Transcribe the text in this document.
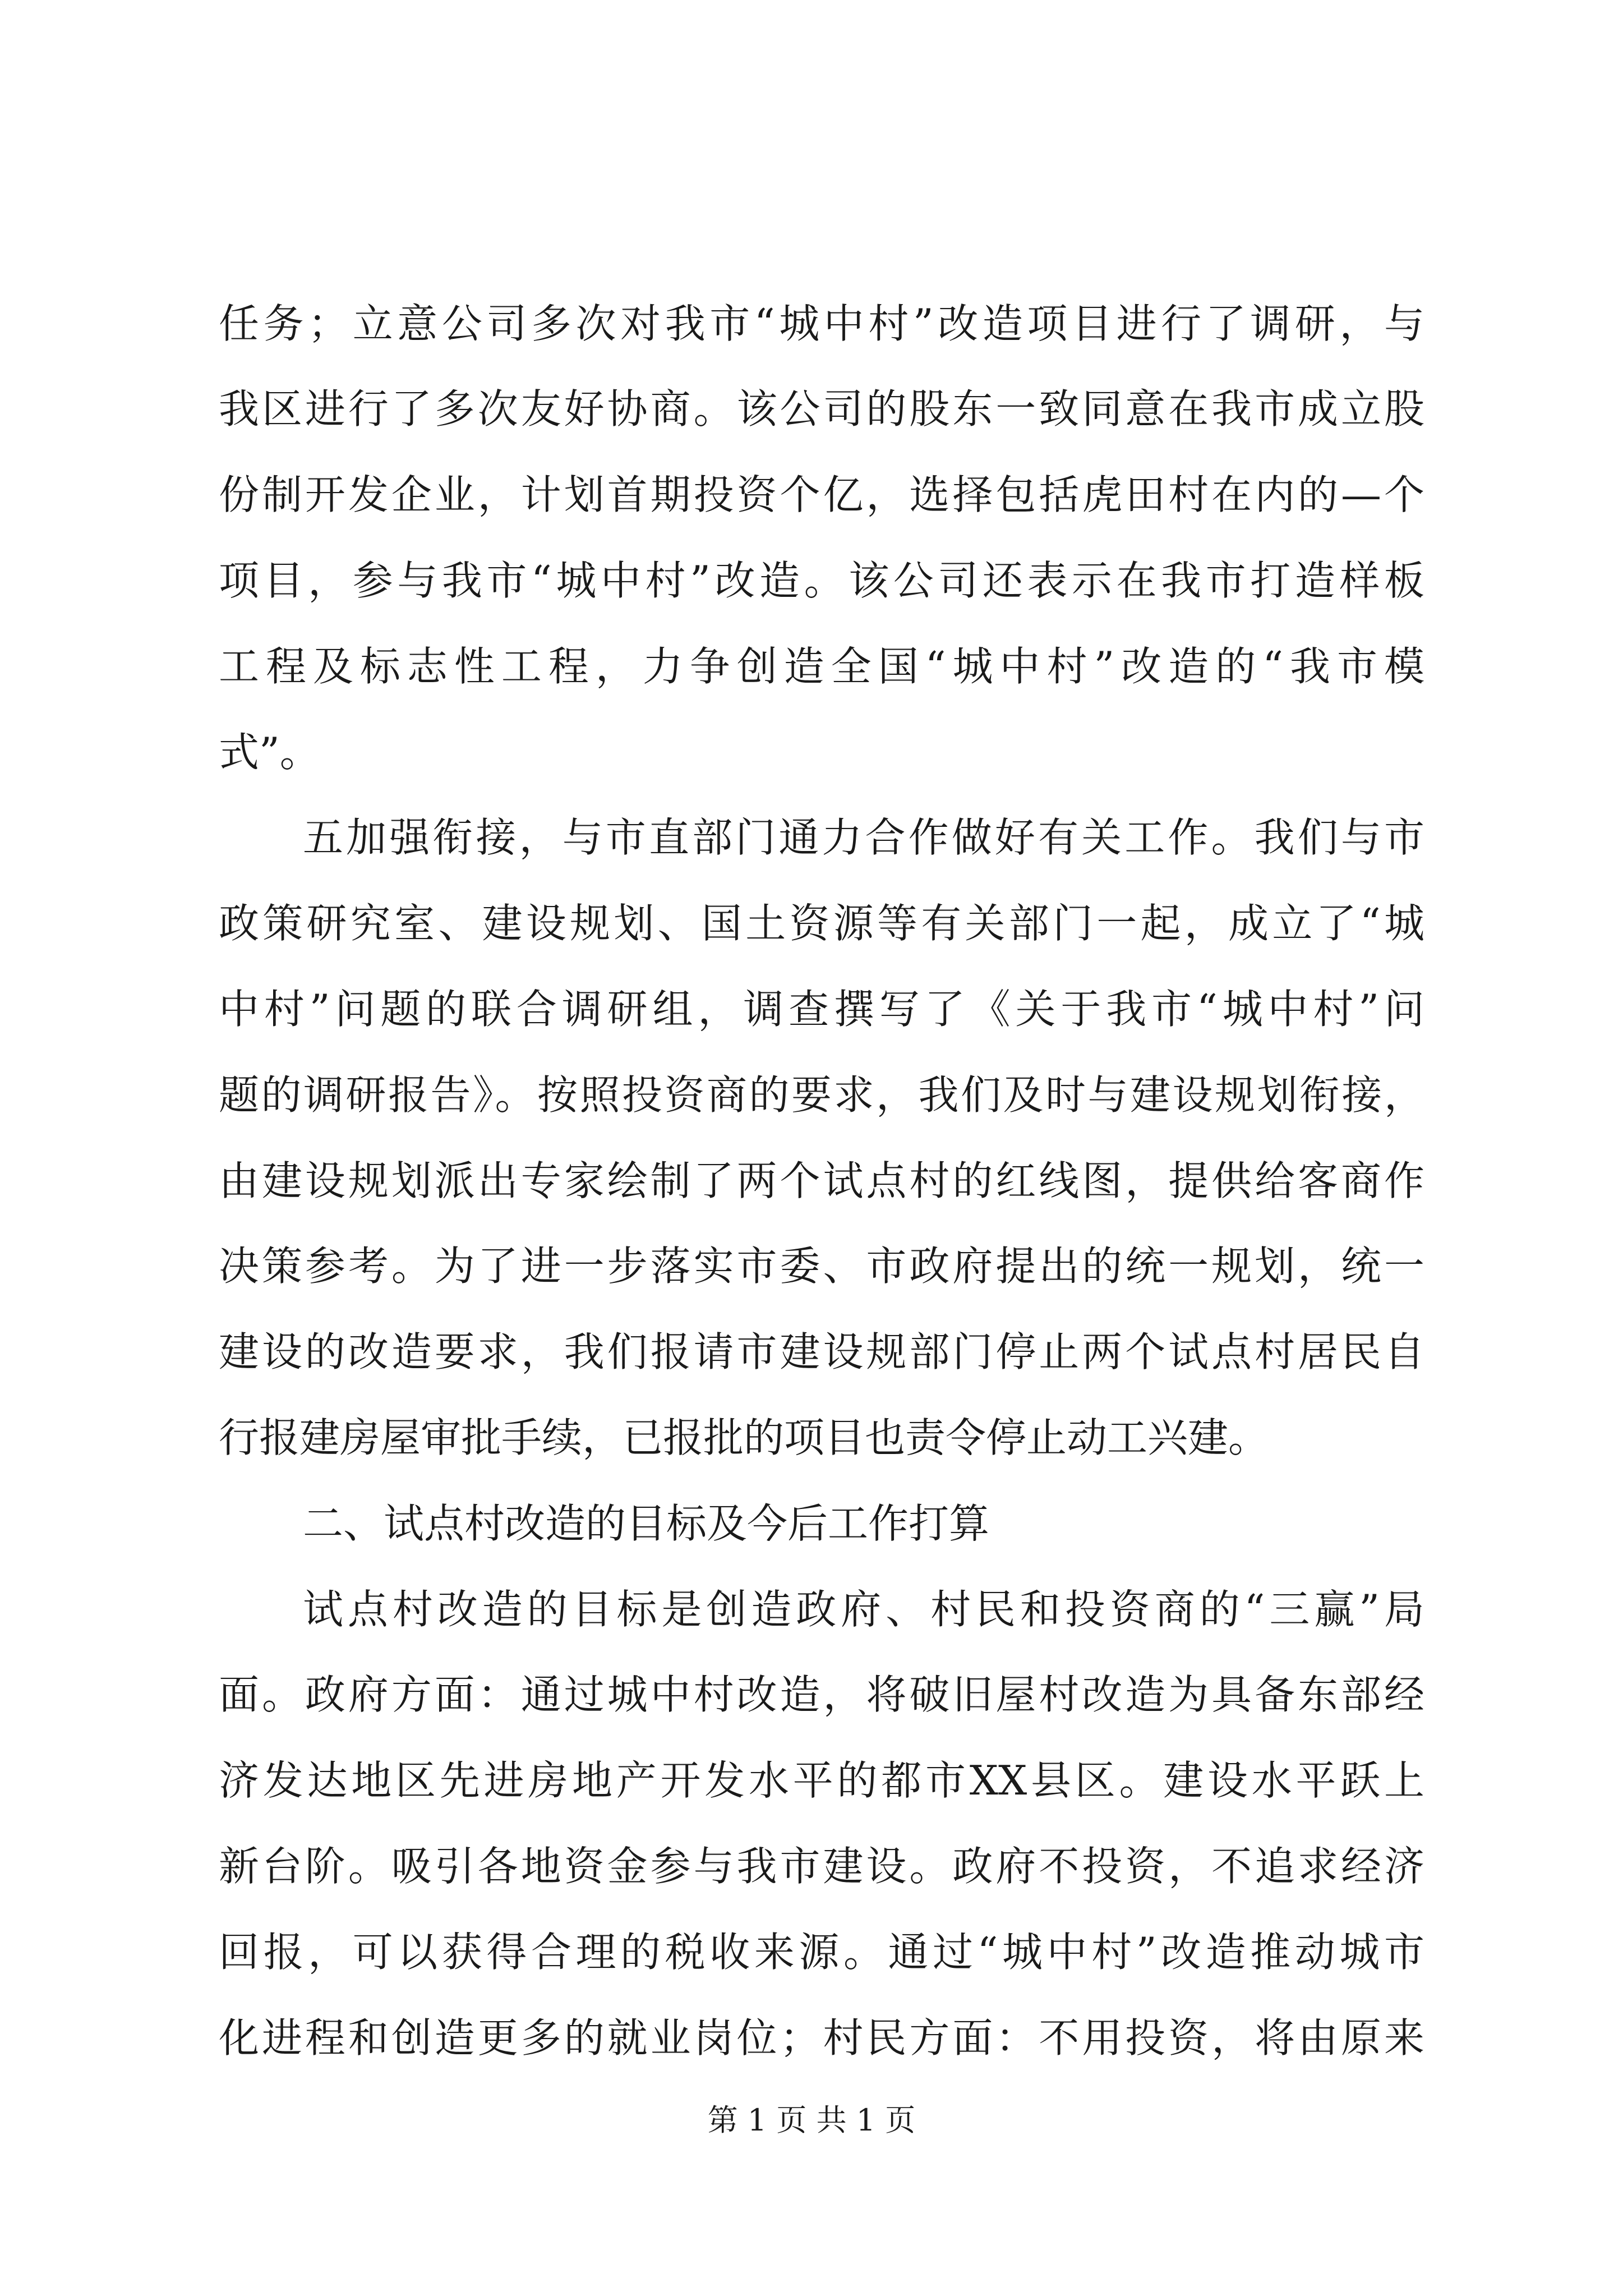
任务；立意公司多次对我市“城中村”改造项目进行了调研，与
我区进行了多次友好协商。该公司的股东一致同意在我市成立股
份制开发企业，计划首期投资个亿，选择包括虎田村在内的—个
项目，参与我市“城中村”改造。该公司还表示在我市打造样板
工程及标志性工程，力争创造全国“城中村”改造的“我市模
式”。
五加强衔接，与市直部门通力合作做好有关工作。我们与市
政策研究室、建设规划、国土资源等有关部门一起，成立了“城
中村”问题的联合调研组，调查撰写了《关于我市“城中村”问
题的调研报告》。按照投资商的要求，我们及时与建设规划衔接，
由建设规划派出专家绘制了两个试点村的红线图，提供给客商作
决策参考。为了进一步落实市委、市政府提出的统一规划，统一
建设的改造要求，我们报请市建设规部门停止两个试点村居民自
行报建房屋审批手续，已报批的项目也责令停止动工兴建。
二、试点村改造的目标及今后工作打算
试点村改造的目标是创造政府、村民和投资商的“三赢”局
面。政府方面：通过城中村改造，将破旧屋村改造为具备东部经
济发达地区先进房地产开发水平的都市XX县区。建设水平跃上
新台阶。吸引各地资金参与我市建设。政府不投资，不追求经济
回报，可以获得合理的税收来源。通过“城中村”改造推动城市
化进程和创造更多的就业岗位；村民方面：不用投资，将由原来
第 1 页 共 1 页
